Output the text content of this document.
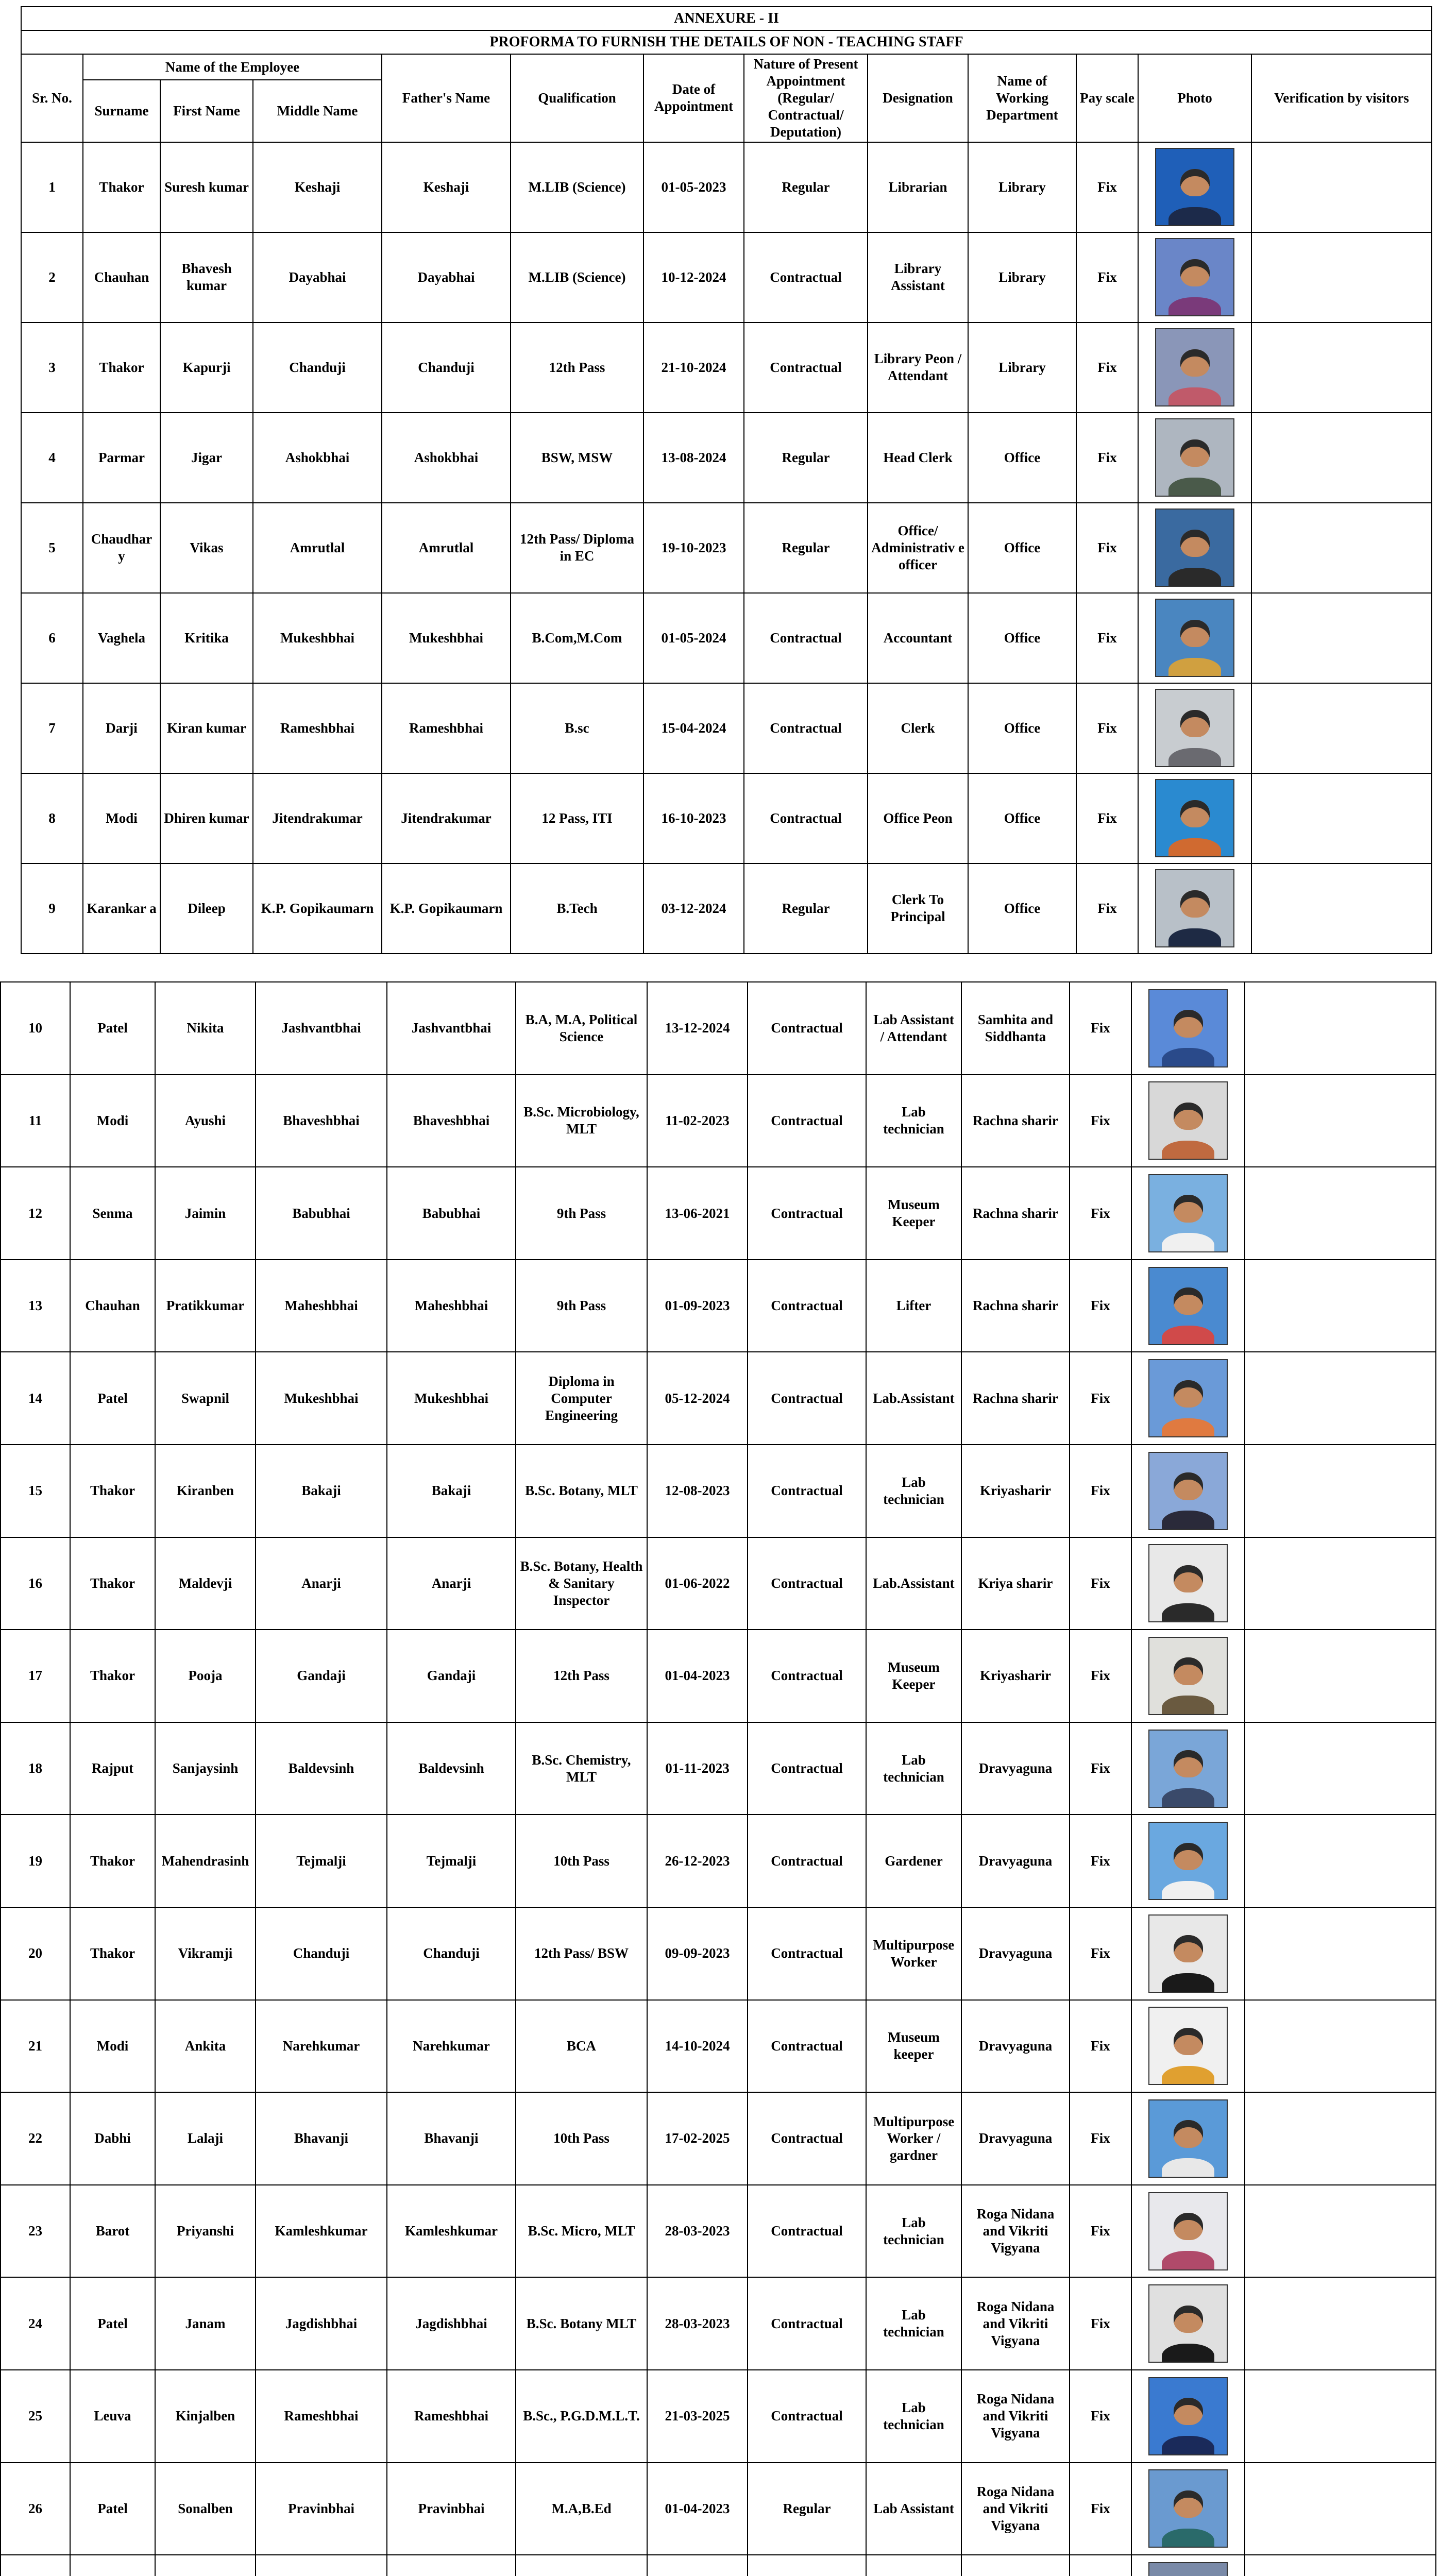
ANNEXURE - II												
PROFORMA TO FURNISH THE DETAILS OF NON - TEACHING STAFF												
Sr. No.	Name of the Employee			Father's Name	Qualification	Date of Appointment	Nature of Present Appointment (Regular/ Contractual/ Deputation)	Designation	Name of Working Department	Pay scale	Photo	Verification by visitors
	Surname	First Name	Middle Name									
1	Thakor	Suresh kumar	Keshaji	Keshaji	M.LIB (Science)	01-05-2023	Regular	Librarian	Library	Fix	

2	Chauhan	Bhavesh kumar	Dayabhai	Dayabhai	M.LIB (Science)	10-12-2024	Contractual	Library Assistant	Library	Fix	

3	Thakor	Kapurji	Chanduji	Chanduji	12th Pass	21-10-2024	Contractual	Library Peon / Attendant	Library	Fix	

4	Parmar	Jigar	Ashokbhai	Ashokbhai	BSW, MSW	13-08-2024	Regular	Head Clerk	Office	Fix	

5	Chaudhar y	Vikas	Amrutlal	Amrutlal	12th Pass/ Diploma in EC	19-10-2023	Regular	Office/ Administrativ e officer	Office	Fix	

6	Vaghela	Kritika	Mukeshbhai	Mukeshbhai	B.Com,M.Com	01-05-2024	Contractual	Accountant	Office	Fix	

7	Darji	Kiran kumar	Rameshbhai	Rameshbhai	B.sc	15-04-2024	Contractual	Clerk	Office	Fix	

8	Modi	Dhiren kumar	Jitendrakumar	Jitendrakumar	12 Pass, ITI	16-10-2023	Contractual	Office Peon	Office	Fix	

9	Karankar a	Dileep	K.P. Gopikaumarn	K.P. Gopikaumarn	B.Tech	03-12-2024	Regular	Clerk To Principal	Office	Fix	

10	Patel	Nikita	Jashvantbhai	Jashvantbhai	B.A, M.A, Political Science	13-12-2024	Contractual	Lab Assistant / Attendant	Samhita and Siddhanta	Fix	

11	Modi	Ayushi	Bhaveshbhai	Bhaveshbhai	B.Sc. Microbiology, MLT	11-02-2023	Contractual	Lab technician	Rachna sharir	Fix	

12	Senma	Jaimin	Babubhai	Babubhai	9th Pass	13-06-2021	Contractual	Museum Keeper	Rachna sharir	Fix	

13	Chauhan	Pratikkumar	Maheshbhai	Maheshbhai	9th Pass	01-09-2023	Contractual	Lifter	Rachna sharir	Fix	

14	Patel	Swapnil	Mukeshbhai	Mukeshbhai	Diploma in Computer Engineering	05-12-2024	Contractual	Lab.Assistant	Rachna sharir	Fix	

15	Thakor	Kiranben	Bakaji	Bakaji	B.Sc. Botany, MLT	12-08-2023	Contractual	Lab technician	Kriyasharir	Fix	

16	Thakor	Maldevji	Anarji	Anarji	B.Sc. Botany, Health & Sanitary Inspector	01-06-2022	Contractual	Lab.Assistant	Kriya sharir	Fix	

17	Thakor	Pooja	Gandaji	Gandaji	12th Pass	01-04-2023	Contractual	Museum Keeper	Kriyasharir	Fix	

18	Rajput	Sanjaysinh	Baldevsinh	Baldevsinh	B.Sc. Chemistry, MLT	01-11-2023	Contractual	Lab technician	Dravyaguna	Fix	

19	Thakor	Mahendrasinh	Tejmalji	Tejmalji	10th Pass	26-12-2023	Contractual	Gardener	Dravyaguna	Fix	

20	Thakor	Vikramji	Chanduji	Chanduji	12th Pass/ BSW	09-09-2023	Contractual	Multipurpose Worker	Dravyaguna	Fix	

21	Modi	Ankita	Narehkumar	Narehkumar	BCA	14-10-2024	Contractual	Museum keeper	Dravyaguna	Fix	

22	Dabhi	Lalaji	Bhavanji	Bhavanji	10th Pass	17-02-2025	Contractual	Multipurpose Worker / gardner	Dravyaguna	Fix	

23	Barot	Priyanshi	Kamleshkumar	Kamleshkumar	B.Sc. Micro, MLT	28-03-2023	Contractual	Lab technician	Roga Nidana and Vikriti Vigyana	Fix	

24	Patel	Janam	Jagdishbhai	Jagdishbhai	B.Sc. Botany MLT	28-03-2023	Contractual	Lab technician	Roga Nidana and Vikriti Vigyana	Fix	

25	Leuva	Kinjalben	Rameshbhai	Rameshbhai	B.Sc., P.G.D.M.L.T.	21-03-2025	Contractual	Lab technician	Roga Nidana and Vikriti Vigyana	Fix	

26	Patel	Sonalben	Pravinbhai	Pravinbhai	M.A,B.Ed	01-04-2023	Regular	Lab Assistant	Roga Nidana and Vikriti Vigyana	Fix	
